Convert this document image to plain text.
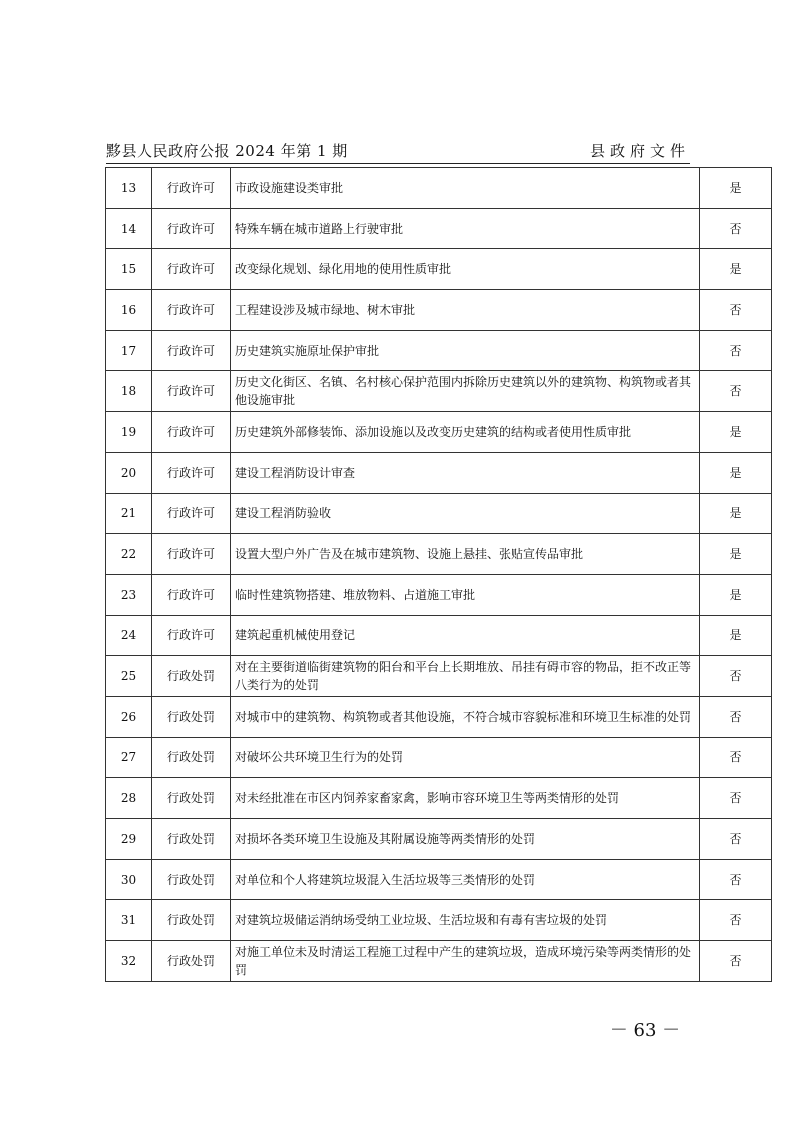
黟县人民政府公报 2024 年第 1 期	县政府文件
13	行政许可	市政设施建设类审批	是
14	行政许可	特殊车辆在城市道路上行驶审批	否
15	行政许可	改变绿化规划、绿化用地的使用性质审批	是
16	行政许可	工程建设涉及城市绿地、树木审批	否
17	行政许可	历史建筑实施原址保护审批	否
18	行政许可	历史文化街区、名镇、名村核心保护范围内拆除历史建筑以外的建筑物、构筑物或者其他设施审批	否
19	行政许可	历史建筑外部修装饰、添加设施以及改变历史建筑的结构或者使用性质审批	是
20	行政许可	建设工程消防设计审查	是
21	行政许可	建设工程消防验收	是
22	行政许可	设置大型户外广告及在城市建筑物、设施上悬挂、张贴宣传品审批	是
23	行政许可	临时性建筑物搭建、堆放物料、占道施工审批	是
24	行政许可	建筑起重机械使用登记	是
25	行政处罚	对在主要街道临街建筑物的阳台和平台上长期堆放、吊挂有碍市容的物品，拒不改正等八类行为的处罚	否
26	行政处罚	对城市中的建筑物、构筑物或者其他设施，不符合城市容貌标准和环境卫生标准的处罚	否
27	行政处罚	对破坏公共环境卫生行为的处罚	否
28	行政处罚	对未经批准在市区内饲养家畜家禽，影响市容环境卫生等两类情形的处罚	否
29	行政处罚	对损坏各类环境卫生设施及其附属设施等两类情形的处罚	否
30	行政处罚	对单位和个人将建筑垃圾混入生活垃圾等三类情形的处罚	否
31	行政处罚	对建筑垃圾储运消纳场受纳工业垃圾、生活垃圾和有毒有害垃圾的处罚	否
32	行政处罚	对施工单位未及时清运工程施工过程中产生的建筑垃圾，造成环境污染等两类情形的处罚	否
－ 63 －
